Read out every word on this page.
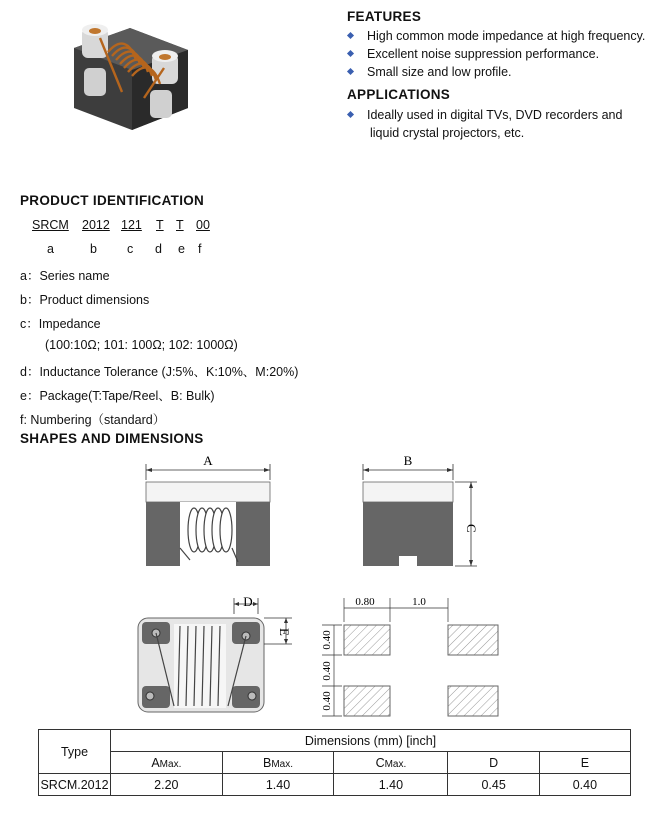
FEATURES
High common mode impedance at high frequency.
Excellent noise suppression performance.
Small size and low profile.
APPLICATIONS
Ideally used in digital TVs, DVD recorders and
liquid crystal projectors, etc.
PRODUCT IDENTIFICATION
SRCM 2012 121 T T 00
a	b c d e f
a：Series name
b：Product dimensions
c：Impedance
(100:10Ω; 101: 100Ω; 102: 1000Ω)
d：Inductance Tolerance (J:5%、K:10%、M:20%)
e：Package(T:Tape/Reel、B: Bulk)
f: Numbering（standard）
SHAPES AND DIMENSIONS
A	B
C
D
E
0.80	1.0
0.40
0.40
0.40
Type	Dimensions (mm) [inch]				
	AMax.	BMax.	CMax.	D	E
SRCM.2012	2.20	1.40	1.40	0.45	0.40
